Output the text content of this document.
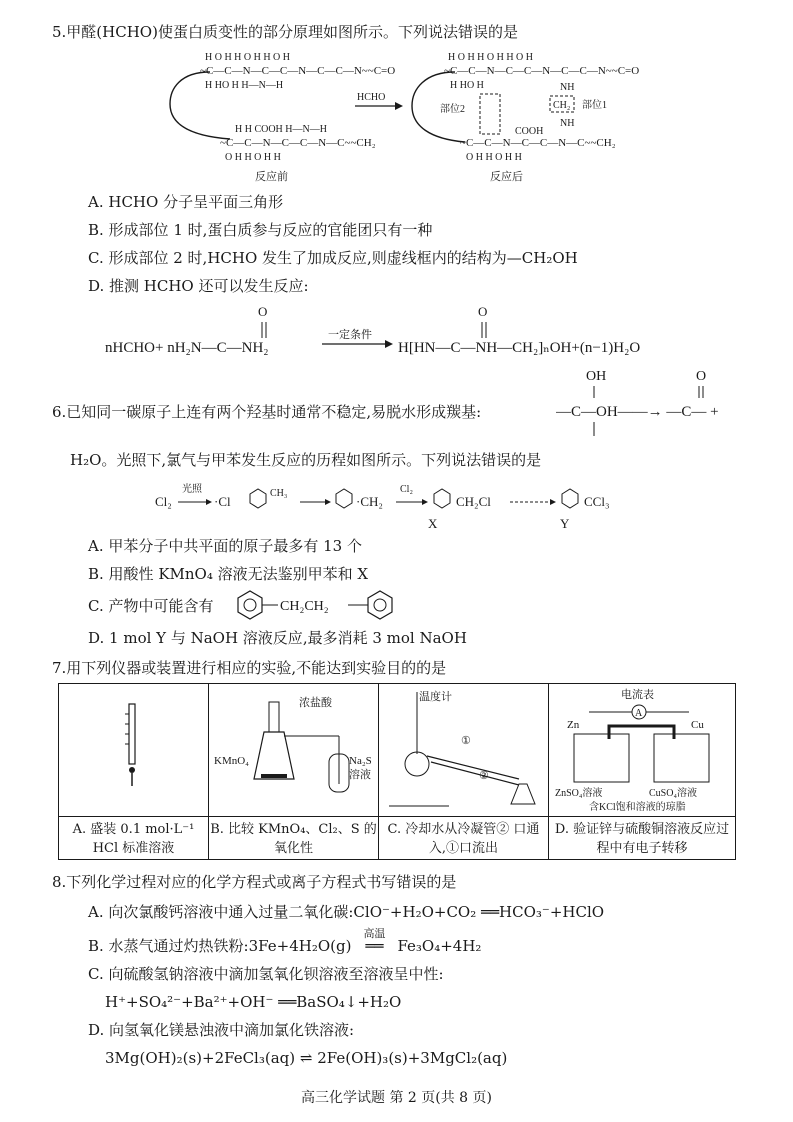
5.甲醛(HCHO)使蛋白质变性的部分原理如图所示。下列说法错误的是
H O H H O H H O H
~C—C—N—C—C—N—C—C—N~~C=O
H HO H H—N—H
H H COOH H—N—H
~C—C—N—C—C—N—C~~CH₂
O H H O H H
反应前
HCHO
H O H H O H H O H
~C—C—N—C—C—N—C—C—N~~C=O
H HO H	NH
部位2	CH₂ 部位1
NH
COOH
~C—C—N—C—C—N—C~~CH₂
O H H O H H
反应后
A. HCHO 分子呈平面三角形
B. 形成部位 1 时,蛋白质参与反应的官能团只有一种
C. 形成部位 2 时,HCHO 发生了加成反应,则虚线框内的结构为—CH₂OH
D. 推测 HCHO 还可以发生反应:
O
nHCHO+ nH₂N—C—NH₂
一定条件
O
H[HN—C—NH—CH₂]ₙOH+(n−1)H₂O
6.已知同一碳原子上连有两个羟基时通常不稳定,易脱水形成羰基:
OH	O
—C—OH——→ —C— +
H₂O。光照下,氯气与甲苯发生反应的历程如图所示。下列说法错误的是
Cl₂
光照
·Cl
CH₃
·CH₂
Cl₂
CH₂Cl
X
CCl₃
Y
A. 甲苯分子中共平面的原子最多有 13 个
B. 用酸性 KMnO₄ 溶液无法鉴别甲苯和 X
C. 产物中可能含有	CH₂CH₂
D. 1 mol Y 与 NaOH 溶液反应,最多消耗 3 mol NaOH
7.用下列仪器或装置进行相应的实验,不能达到实验目的的是
A. 盛装 0.1 mol·L⁻¹ HCl 标准溶液
浓盐酸
KMnO₄	Na₂S
溶液
B. 比较 KMnO₄、Cl₂、S 的氧化性
温度计
①
②
C. 冷却水从冷凝管② 口通入,①口流出
电流表
A
Zn	Cu
ZnSO₄溶液	CuSO₄溶液
含KCl饱和溶液的琼脂
D. 验证锌与硫酸铜溶液反应过程中有电子转移
8.下列化学过程对应的化学方程式或离子方程式书写错误的是
A. 向次氯酸钙溶液中通入过量二氧化碳:ClO⁻+H₂O+CO₂ ══HCO₃⁻+HClO
B. 水蒸气通过灼热铁粉:3Fe+4H₂O(g)
高温
══ Fe₃O₄+4H₂
C. 向硫酸氢钠溶液中滴加氢氧化钡溶液至溶液呈中性:
H⁺+SO₄²⁻+Ba²⁺+OH⁻ ══BaSO₄↓+H₂O
D. 向氢氧化镁悬浊液中滴加氯化铁溶液:
3Mg(OH)₂(s)+2FeCl₃(aq) ⇌ 2Fe(OH)₃(s)+3MgCl₂(aq)
高三化学试题 第 2 页(共 8 页)
